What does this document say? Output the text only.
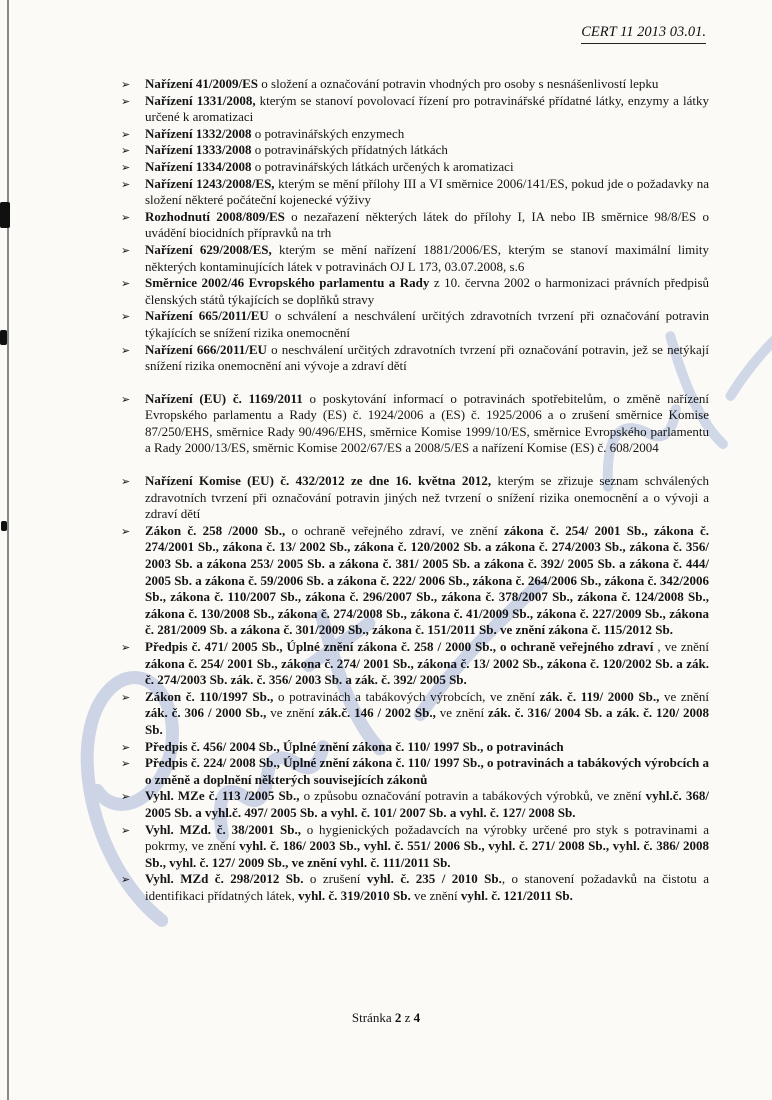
CERT 11 2013 03.01.
➢ Nařízení 41/2009/ES o složení a označování potravin vhodných pro osoby s nesnášenlivostí lepku
➢ Nařízení 1331/2008, kterým se stanoví povolovací řízení pro potravinářské přídatné látky, enzymy a látky určené k aromatizaci
➢ Nařízení 1332/2008 o potravinářských enzymech
➢ Nařízení 1333/2008 o potravinářských přídatných látkách
➢ Nařízení 1334/2008 o potravinářských látkách určených k aromatizaci
➢ Nařízení 1243/2008/ES, kterým se mění přílohy III a VI směrnice 2006/141/ES, pokud jde o požadavky na složení některé počáteční kojenecké výživy
➢ Rozhodnutí 2008/809/ES o nezařazení některých látek do přílohy I, IA nebo IB směrnice 98/8/ES o uvádění biocidních přípravků na trh
➢ Nařízení 629/2008/ES, kterým se mění nařízení 1881/2006/ES, kterým se stanoví maximální limity některých kontaminujících látek v potravinách OJ L 173, 03.07.2008, s.6
➢ Směrnice 2002/46 Evropského parlamentu a Rady z 10. června 2002 o harmonizaci právních předpisů členských států týkajících se doplňků stravy
➢ Nařízení 665/2011/EU o schválení a neschválení určitých zdravotních tvrzení při označování potravin týkajících se snížení rizika onemocnění
➢ Nařízení 666/2011/EU o neschválení určitých zdravotních tvrzení při označování potravin, jež se netýkají snížení rizika onemocnění ani vývoje a zdraví dětí
➢ Nařízení (EU) č. 1169/2011 o poskytování informací o potravinách spotřebitelům, o změně nařízení Evropského parlamentu a Rady (ES) č. 1924/2006 a (ES) č. 1925/2006 a o zrušení směrnice Komise 87/250/EHS, směrnice Rady 90/496/EHS, směrnice Komise 1999/10/ES, směrnice Evropského parlamentu a Rady 2000/13/ES, směrnic Komise 2002/67/ES a 2008/5/ES a nařízení Komise (ES) č. 608/2004
➢ Nařízení Komise (EU) č. 432/2012 ze dne 16. května 2012, kterým se zřizuje seznam schválených zdravotních tvrzení při označování potravin jiných než tvrzení o snížení rizika onemocnění a o vývoji a zdraví dětí
➢ Zákon č. 258 /2000 Sb., o ochraně veřejného zdraví, ve znění zákona č. 254/ 2001 Sb., zákona č. 274/2001 Sb., zákona č. 13/ 2002 Sb., zákona č. 120/2002 Sb. a zákona č. 274/2003 Sb., zákona č. 356/ 2003 Sb. a zákona 253/ 2005 Sb. a zákona č. 381/ 2005 Sb. a zákona č. 392/ 2005 Sb. a zákona č. 444/ 2005 Sb. a zákona č. 59/2006 Sb. a zákona č. 222/ 2006 Sb., zákona č. 264/2006 Sb., zákona č. 342/2006 Sb., zákona č. 110/2007 Sb., zákona č. 296/2007 Sb., zákona č. 378/2007 Sb., zákona č. 124/2008 Sb., zákona č. 130/2008 Sb., zákona č. 274/2008 Sb., zákona č. 41/2009 Sb., zákona č. 227/2009 Sb., zákona č. 281/2009 Sb. a zákona č. 301/2009 Sb., zákona č. 151/2011 Sb. ve znění zákona č. 115/2012 Sb.
➢ Předpis č. 471/ 2005 Sb., Úplné znění zákona č. 258 / 2000 Sb., o ochraně veřejného zdraví , ve znění zákona č. 254/ 2001 Sb., zákona č. 274/ 2001 Sb., zákona č. 13/ 2002 Sb., zákona č. 120/2002 Sb. a zák. č. 274/2003 Sb. zák. č. 356/ 2003 Sb. a zák. č. 392/ 2005 Sb.
➢ Zákon č. 110/1997 Sb., o potravinách a tabákových výrobcích, ve znění zák. č. 119/ 2000 Sb., ve znění zák. č. 306 / 2000 Sb., ve znění zák.č. 146 / 2002 Sb., ve znění zák. č. 316/ 2004 Sb. a zák. č. 120/ 2008 Sb.
➢ Předpis č. 456/ 2004 Sb., Úplné znění zákona č. 110/ 1997 Sb., o potravinách
➢ Předpis č. 224/ 2008 Sb., Úplné znění zákona č. 110/ 1997 Sb., o potravinách a tabákových výrobcích a o změně a doplnění některých souvisejících zákonů
➢ Vyhl. MZe č. 113 /2005 Sb., o způsobu označování potravin a tabákových výrobků, ve znění vyhl.č. 368/ 2005 Sb. a vyhl.č. 497/ 2005 Sb. a vyhl. č. 101/ 2007 Sb. a vyhl. č. 127/ 2008 Sb.
➢ Vyhl. MZd. č. 38/2001 Sb., o hygienických požadavcích na výrobky určené pro styk s potravinami a pokrmy, ve znění vyhl. č. 186/ 2003 Sb., vyhl. č. 551/ 2006 Sb., vyhl. č. 271/ 2008 Sb., vyhl. č. 386/ 2008 Sb., vyhl. č. 127/ 2009 Sb., ve znění vyhl. č. 111/2011 Sb.
➢ Vyhl. MZd č. 298/2012 Sb. o zrušení vyhl. č. 235 / 2010 Sb., o stanovení požadavků na čistotu a identifikaci přídatných látek, vyhl. č. 319/2010 Sb. ve znění vyhl. č. 121/2011 Sb.
Stránka 2 z 4
